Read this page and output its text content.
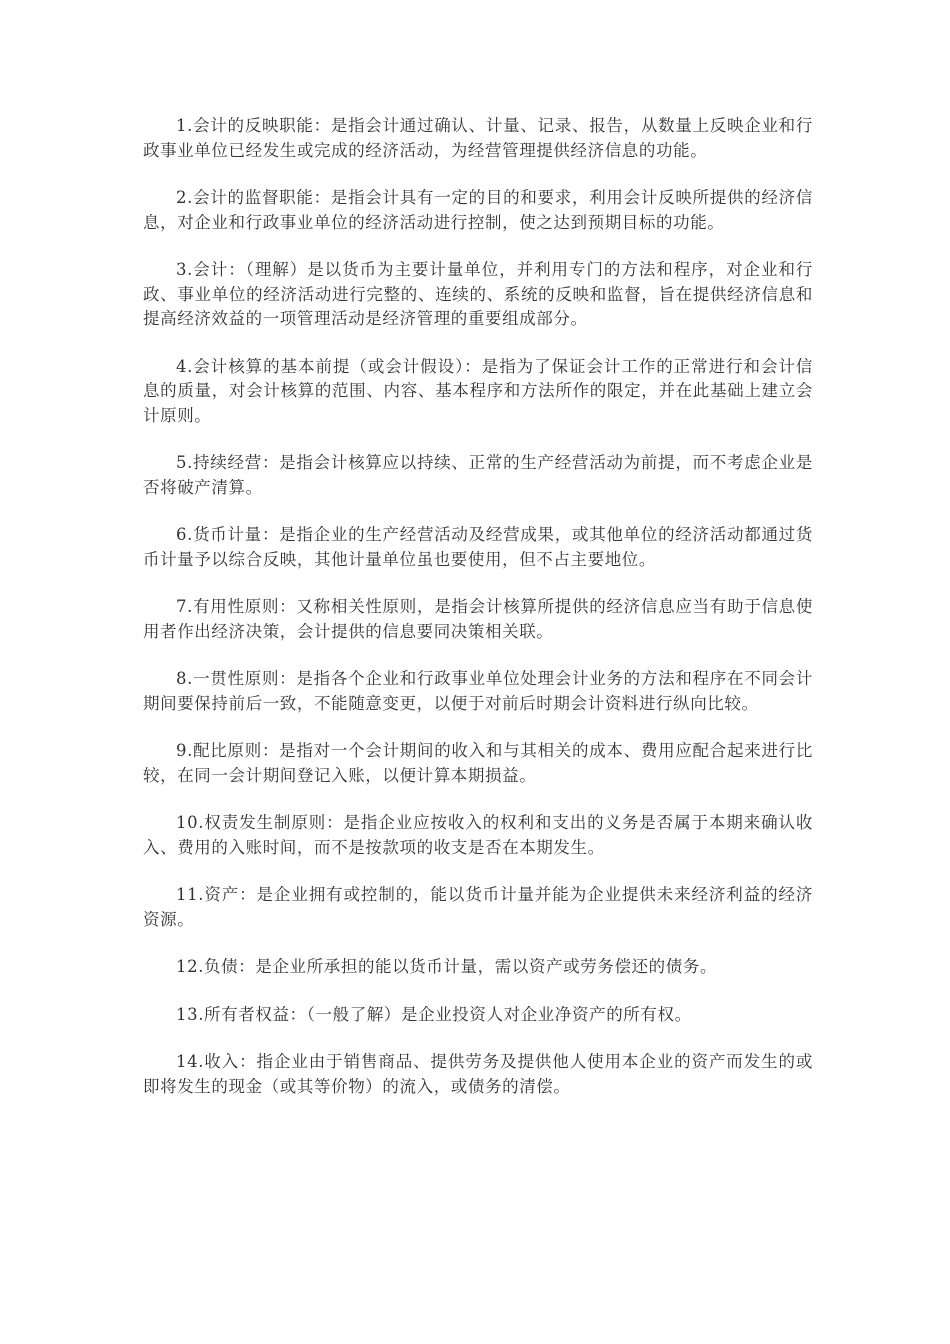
1.会计的反映职能：是指会计通过确认、计量、记录、报告，从数量上反映企业和行政事业单位已经发生或完成的经济活动，为经营管理提供经济信息的功能。

2.会计的监督职能：是指会计具有一定的目的和要求，利用会计反映所提供的经济信息，对企业和行政事业单位的经济活动进行控制，使之达到预期目标的功能。

3.会计：（理解）是以货币为主要计量单位，并利用专门的方法和程序，对企业和行政、事业单位的经济活动进行完整的、连续的、系统的反映和监督，旨在提供经济信息和提高经济效益的一项管理活动是经济管理的重要组成部分。

4.会计核算的基本前提（或会计假设）：是指为了保证会计工作的正常进行和会计信息的质量，对会计核算的范围、内容、基本程序和方法所作的限定，并在此基础上建立会计原则。

5.持续经营：是指会计核算应以持续、正常的生产经营活动为前提，而不考虑企业是否将破产清算。

6.货币计量：是指企业的生产经营活动及经营成果，或其他单位的经济活动都通过货币计量予以综合反映，其他计量单位虽也要使用，但不占主要地位。

7.有用性原则：又称相关性原则，是指会计核算所提供的经济信息应当有助于信息使用者作出经济决策，会计提供的信息要同决策相关联。

8.一贯性原则：是指各个企业和行政事业单位处理会计业务的方法和程序在不同会计期间要保持前后一致，不能随意变更，以便于对前后时期会计资料进行纵向比较。

9.配比原则：是指对一个会计期间的收入和与其相关的成本、费用应配合起来进行比较，在同一会计期间登记入账，以便计算本期损益。

10.权责发生制原则：是指企业应按收入的权利和支出的义务是否属于本期来确认收入、费用的入账时间，而不是按款项的收支是否在本期发生。

11.资产：是企业拥有或控制的，能以货币计量并能为企业提供未来经济利益的经济资源。

12.负债：是企业所承担的能以货币计量，需以资产或劳务偿还的债务。

13.所有者权益：（一般了解）是企业投资人对企业净资产的所有权。

14.收入：指企业由于销售商品、提供劳务及提供他人使用本企业的资产而发生的或即将发生的现金（或其等价物）的流入，或债务的清偿。
